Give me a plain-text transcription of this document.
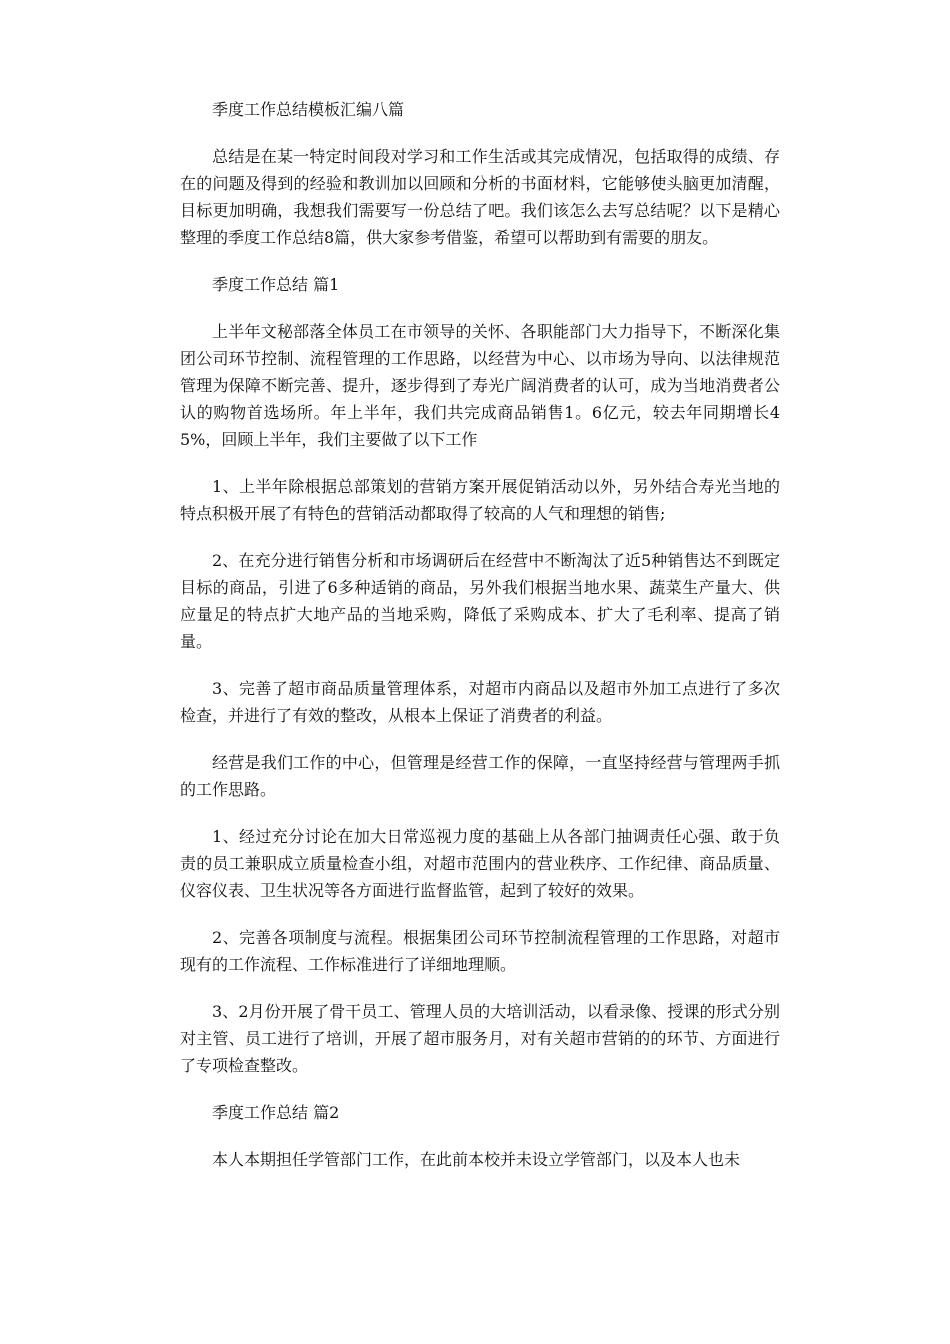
季度工作总结模板汇编八篇

总结是在某一特定时间段对学习和工作生活或其完成情况，包括取得的成绩、存在的问题及得到的经验和教训加以回顾和分析的书面材料，它能够使头脑更加清醒，目标更加明确，我想我们需要写一份总结了吧。我们该怎么去写总结呢？以下是精心整理的季度工作总结8篇，供大家参考借鉴，希望可以帮助到有需要的朋友。

季度工作总结 篇1

上半年文秘部落全体员工在市领导的关怀、各职能部门大力指导下，不断深化集团公司环节控制、流程管理的工作思路，以经营为中心、以市场为导向、以法律规范管理为保障不断完善、提升，逐步得到了寿光广阔消费者的认可，成为当地消费者公认的购物首选场所。年上半年，我们共完成商品销售1。6亿元，较去年同期增长45%，回顾上半年，我们主要做了以下工作

1、上半年除根据总部策划的营销方案开展促销活动以外，另外结合寿光当地的特点积极开展了有特色的营销活动都取得了较高的人气和理想的销售;

2、在充分进行销售分析和市场调研后在经营中不断淘汰了近5种销售达不到既定目标的商品，引进了6多种适销的商品，另外我们根据当地水果、蔬菜生产量大、供应量足的特点扩大地产品的当地采购，降低了采购成本、扩大了毛利率、提高了销量。

3、完善了超市商品质量管理体系，对超市内商品以及超市外加工点进行了多次检查，并进行了有效的整改，从根本上保证了消费者的利益。

经营是我们工作的中心，但管理是经营工作的保障，一直坚持经营与管理两手抓的工作思路。

1、经过充分讨论在加大日常巡视力度的基础上从各部门抽调责任心强、敢于负责的员工兼职成立质量检查小组，对超市范围内的营业秩序、工作纪律、商品质量、仪容仪表、卫生状况等各方面进行监督监管，起到了较好的效果。

2、完善各项制度与流程。根据集团公司环节控制流程管理的工作思路，对超市现有的工作流程、工作标准进行了详细地理顺。

3、2月份开展了骨干员工、管理人员的大培训活动，以看录像、授课的形式分别对主管、员工进行了培训，开展了超市服务月，对有关超市营销的的环节、方面进行了专项检查整改。

季度工作总结 篇2

本人本期担任学管部门工作，在此前本校并未设立学管部门，以及本人也未
